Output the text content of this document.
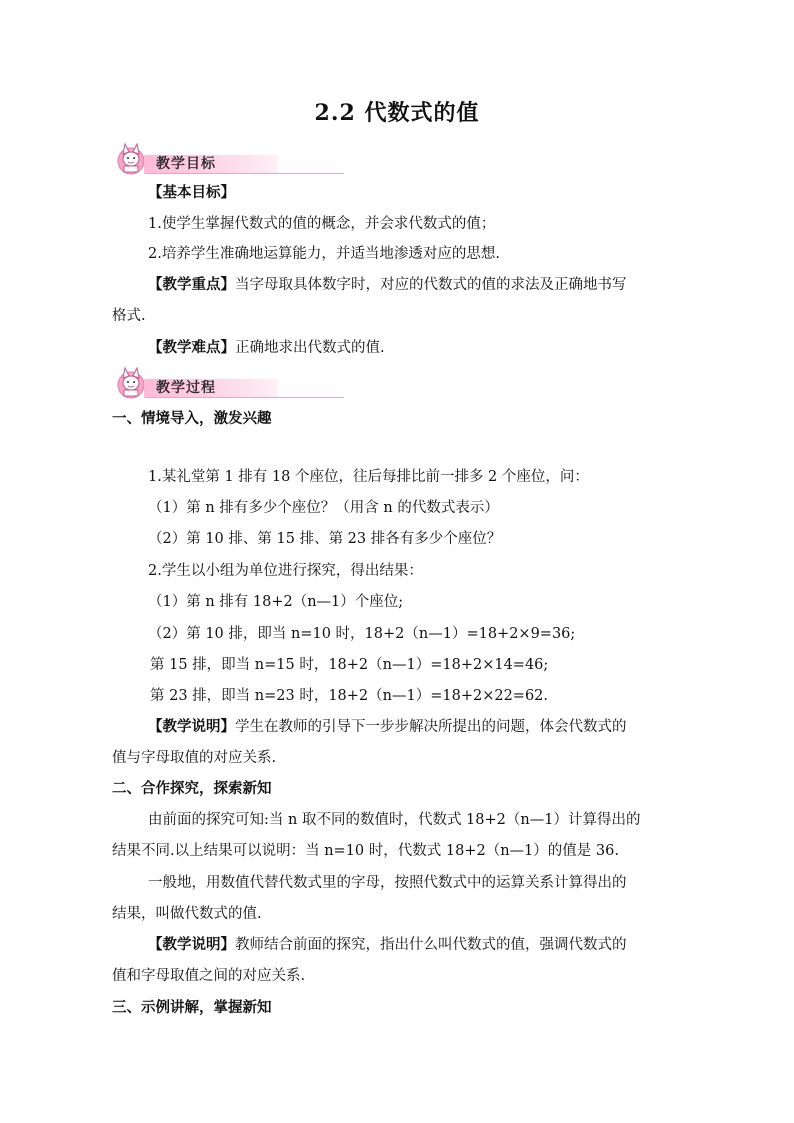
2.2 代数式的值
教学目标
【基本目标】
1.使学生掌握代数式的值的概念，并会求代数式的值；
2.培养学生准确地运算能力，并适当地渗透对应的思想.
【教学重点】当字母取具体数字时，对应的代数式的值的求法及正确地书写
格式.
【教学难点】正确地求出代数式的值.
教学过程
一、情境导入，激发兴趣
1.某礼堂第 1 排有 18 个座位，往后每排比前一排多 2 个座位，问：
（1）第 n 排有多少个座位？（用含 n 的代数式表示）
（2）第 10 排、第 15 排、第 23 排各有多少个座位？
2.学生以小组为单位进行探究，得出结果：
（1）第 n 排有 18+2（n—1）个座位;
（2）第 10 排，即当 n=10 时，18+2（n—1）=18+2×9=36;
第 15 排，即当 n=15 时，18+2（n—1）=18+2×14=46;
第 23 排，即当 n=23 时，18+2（n—1）=18+2×22=62.
【教学说明】学生在教师的引导下一步步解决所提出的问题，体会代数式的
值与字母取值的对应关系.
二、合作探究，探索新知
由前面的探究可知:当 n 取不同的数值时，代数式 18+2（n—1）计算得出的
结果不同.以上结果可以说明：当 n=10 时，代数式 18+2（n—1）的值是 36.
一般地，用数值代替代数式里的字母，按照代数式中的运算关系计算得出的
结果，叫做代数式的值.
【教学说明】教师结合前面的探究，指出什么叫代数式的值，强调代数式的
值和字母取值之间的对应关系.
三、示例讲解，掌握新知
